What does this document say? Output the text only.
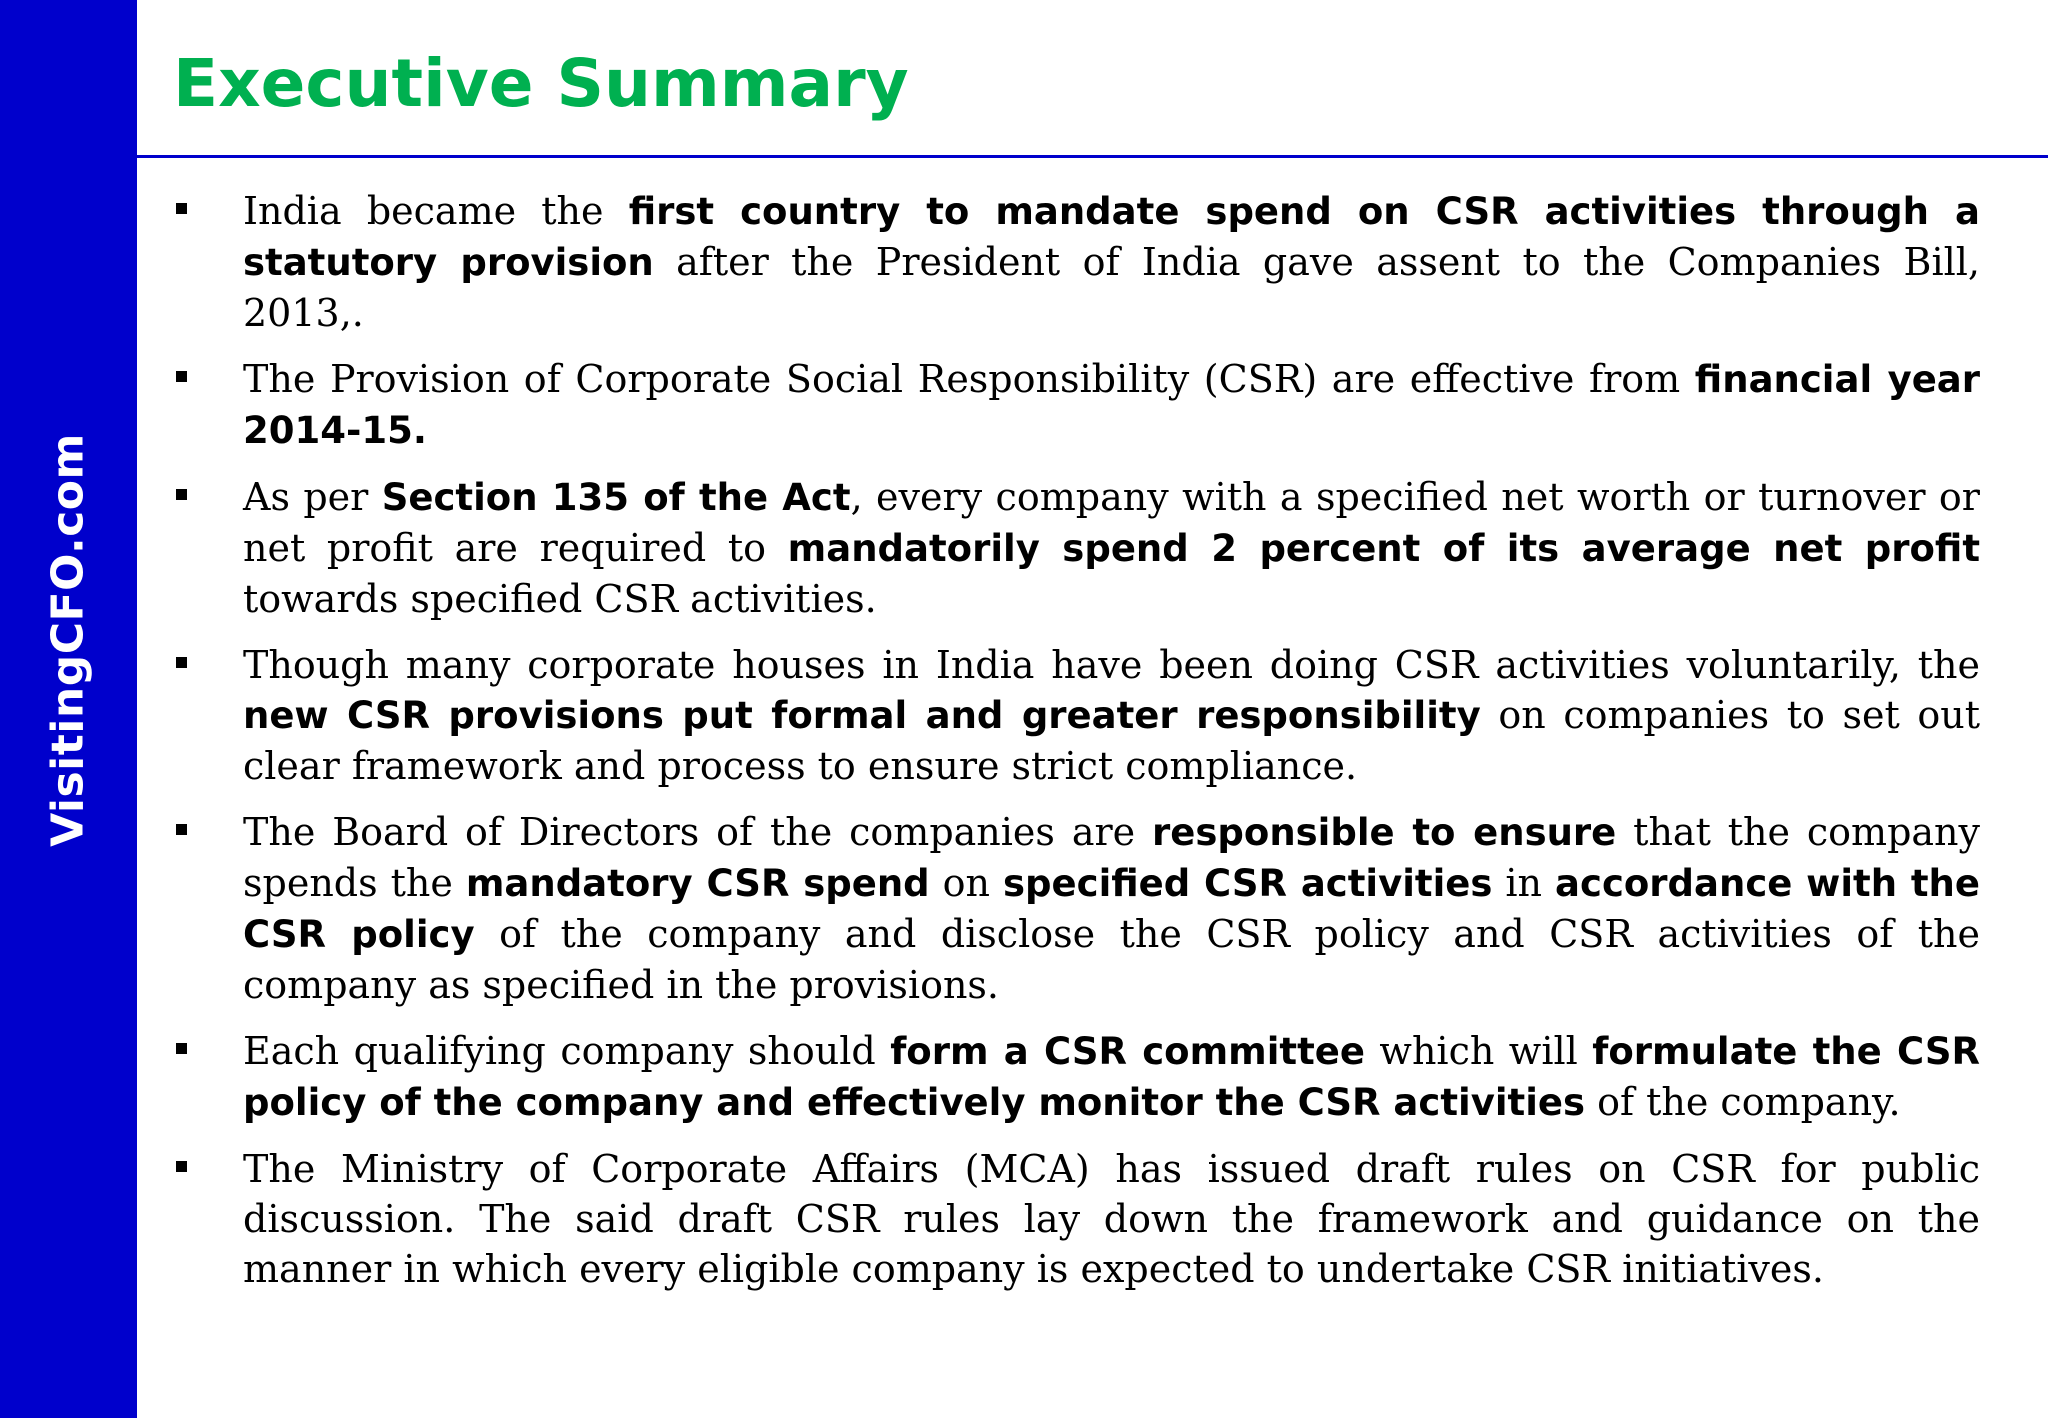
VisitingCFO.com
Executive Summary
India became the first country to mandate spend on CSR activities through a statutory provision after the President of India gave assent to the Companies Bill, 2013,.
The Provision of Corporate Social Responsibility (CSR) are effective from financial year 2014-15.
As per Section 135 of the Act, every company with a specified net worth or turnover or net profit are required to mandatorily spend 2 percent of its average net profit towards specified CSR activities.
Though many corporate houses in India have been doing CSR activities voluntarily, the new CSR provisions put formal and greater responsibility on companies to set out clear framework and process to ensure strict compliance.
The Board of Directors of the companies are responsible to ensure that the company spends the mandatory CSR spend on specified CSR activities in accordance with the CSR policy of the company and disclose the CSR policy and CSR activities of the company as specified in the provisions.
Each qualifying company should form a CSR committee which will formulate the CSR policy of the company and effectively monitor the CSR activities of the company.
The Ministry of Corporate Affairs (MCA) has issued draft rules on CSR for public discussion. The said draft CSR rules lay down the framework and guidance on the manner in which every eligible company is expected to undertake CSR initiatives.
